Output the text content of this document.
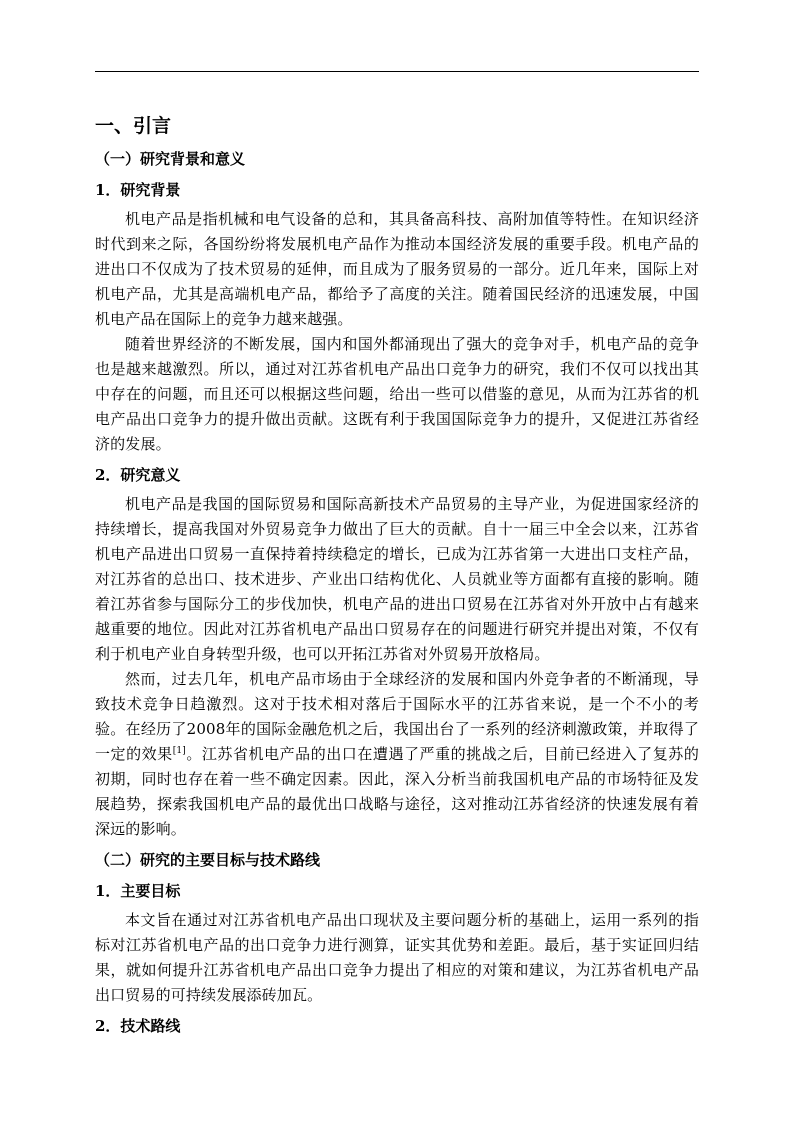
一、引言
（一）研究背景和意义
1．研究背景

机电产品是指机械和电气设备的总和，其具备高科技、高附加值等特性。在知识经济时代到来之际，各国纷纷将发展机电产品作为推动本国经济发展的重要手段。机电产品的进出口不仅成为了技术贸易的延伸，而且成为了服务贸易的一部分。近几年来，国际上对机电产品，尤其是高端机电产品，都给予了高度的关注。随着国民经济的迅速发展，中国机电产品在国际上的竞争力越来越强。

随着世界经济的不断发展，国内和国外都涌现出了强大的竞争对手，机电产品的竞争也是越来越激烈。所以，通过对江苏省机电产品出口竞争力的研究，我们不仅可以找出其中存在的问题，而且还可以根据这些问题，给出一些可以借鉴的意见，从而为江苏省的机电产品出口竞争力的提升做出贡献。这既有利于我国国际竞争力的提升，又促进江苏省经济的发展。

2．研究意义

机电产品是我国的国际贸易和国际高新技术产品贸易的主导产业，为促进国家经济的持续增长，提高我国对外贸易竞争力做出了巨大的贡献。自十一届三中全会以来，江苏省机电产品进出口贸易一直保持着持续稳定的增长，已成为江苏省第一大进出口支柱产品，对江苏省的总出口、技术进步、产业出口结构优化、人员就业等方面都有直接的影响。随着江苏省参与国际分工的步伐加快，机电产品的进出口贸易在江苏省对外开放中占有越来越重要的地位。因此对江苏省机电产品出口贸易存在的问题进行研究并提出对策，不仅有利于机电产业自身转型升级，也可以开拓江苏省对外贸易开放格局。

然而，过去几年，机电产品市场由于全球经济的发展和国内外竞争者的不断涌现，导致技术竞争日趋激烈。这对于技术相对落后于国际水平的江苏省来说，是一个不小的考验。在经历了2008年的国际金融危机之后，我国出台了一系列的经济刺激政策，并取得了一定的效果[1]。江苏省机电产品的出口在遭遇了严重的挑战之后，目前已经进入了复苏的初期，同时也存在着一些不确定因素。因此，深入分析当前我国机电产品的市场特征及发展趋势，探索我国机电产品的最优出口战略与途径，这对推动江苏省经济的快速发展有着深远的影响。

（二）研究的主要目标与技术路线
1．主要目标

本文旨在通过对江苏省机电产品出口现状及主要问题分析的基础上，运用一系列的指标对江苏省机电产品的出口竞争力进行测算，证实其优势和差距。最后，基于实证回归结果，就如何提升江苏省机电产品出口竞争力提出了相应的对策和建议，为江苏省机电产品出口贸易的可持续发展添砖加瓦。

2．技术路线
